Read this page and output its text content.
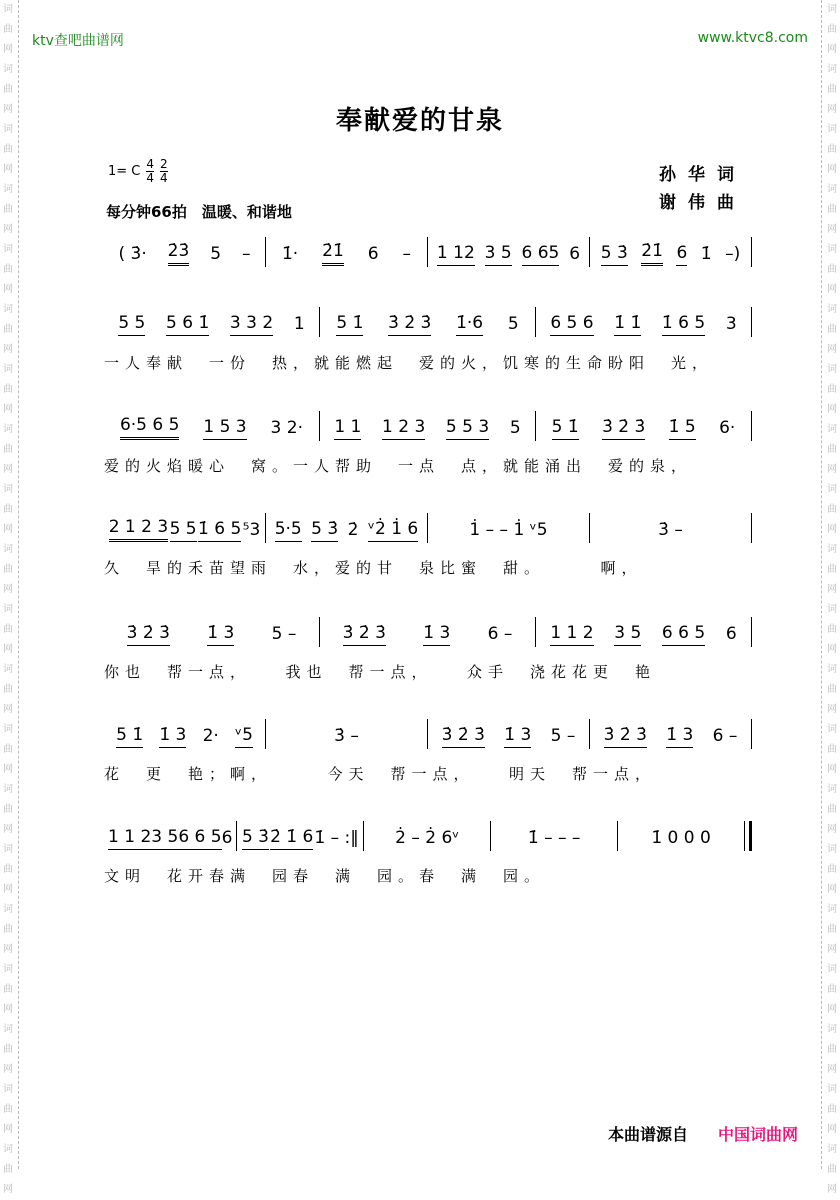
词
曲
网
词
曲
网
词
曲
网
词
曲
网
词
曲
网
词
曲
网
词
曲
网
词
曲
网
词
曲
网
词
曲
网
词
曲
网
词
曲
网
词
曲
网
词
曲
网
词
曲
网
词
曲
网
词
曲
网
词
曲
网
词
曲
网
词
曲
网
词
曲
网
词
曲
网
词
曲
网
词
曲
网
词
曲
网
词
曲
网
词
曲
网
词
曲
网
词
曲
网
词
曲
网
词
曲
网
词
曲
网
词
曲
网
词
曲
网
词
曲
网
词
曲
网
词
曲
网
词
曲
网
词
曲
网
词
曲
网
ktv查吧曲谱网	www.ktvc8.com
奉献爱的甘泉
1= C $\frac{4}{4} \frac{2}{4}$
每分钟66拍　温暖、和谐地
孙华词
谢伟曲
( 3̇· 2̇3̇ 5 – 1̇· 2̇1̇ 6 – 1 12 3 5 6 65 6 5 3̇ 2̇1̇ 6 1̇ –)
5 5 5 6 1̇ 3 3 2 1 5 1̇ 3̇ 2̇ 3̇ 1̇·6 5 6 5 6 1̇ 1̇ 1̇ 6 5 3
一人奉献　一份　热，就能燃起　爱的火，饥寒的生命盼阳　光，
6·5 6 5 1 5 3 3 2· 1 1 1 2 3 5 5 3 5 5 1̇ 3̇ 2̇ 3̇ 1̇ 5 6·
爱的火焰暖心　窝。一人帮助　一点　点，就能涌出　爱的泉，
2 1 2 3 5 5 1̇ 6 5 ⁵3 5·5 5 3̇ 2̇ ᵛ2̇ 1̇ 6	1̇ – – 1̇ ᵛ5	3̇ –
久　旱的禾苗望雨　水，爱的甘　泉比蜜　甜。　　　啊，
3̇ 2̇ 3̇ 1̇ 3 5 –	3̇ 2̇ 3̇ 1̇ 3 6 – 1 1 2 3 5 6 6 5 6
你也　帮一点，　　我也　帮一点，　　众手　浇花花更　艳
5 1̇ 1̇ 3 2· ᵛ5	3̇ –	3̇ 2̇ 3̇ 1̇ 3 5 – 3̇ 2̇ 3̇ 1̇ 3 6 –
花　更　艳；啊，　　　今天　帮一点，　　明天　帮一点，
1 1 2 3 5 6 6 5 6 5 3̇ 2̇ 1̇ 6 1̇ – :‖ 2̇ – 2̇ 6ᵛ	1̇ – – –	1̇ 0 0 0
文明　花开春满　园春　满　园。春　满　园。
本曲谱源自 中国词曲网
